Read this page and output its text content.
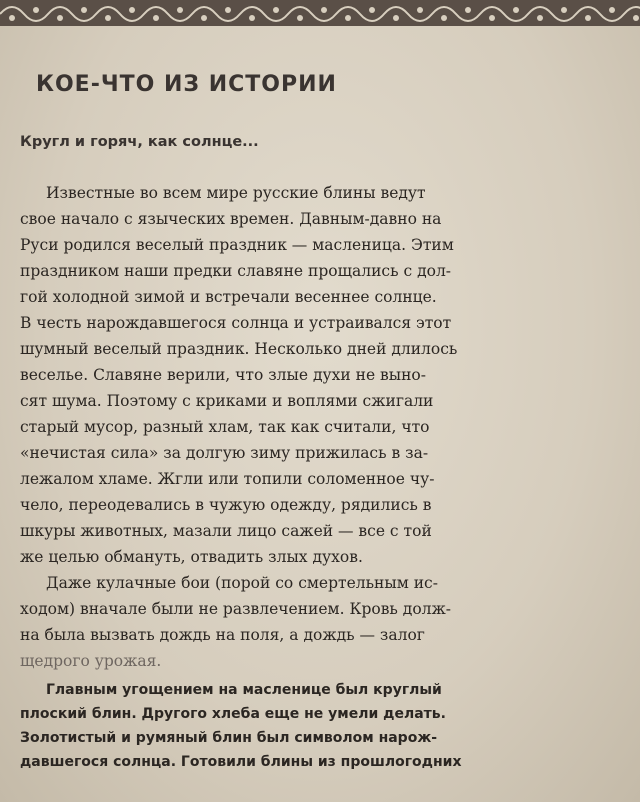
КОЕ-ЧТО ИЗ ИСТОРИИ
Кругл и горяч, как солнце...
Известные во всем мире русские блины ведут
свое начало с языческих времен. Давным-давно на
Руси родился веселый праздник — масленица. Этим
праздником наши предки славяне прощались с дол-
гой холодной зимой и встречали весеннее солнце.
В честь нарождавшегося солнца и устраивался этот
шумный веселый праздник. Несколько дней длилось
веселье. Славяне верили, что злые духи не выно-
сят шума. Поэтому с криками и воплями сжигали
старый мусор, разный хлам, так как считали, что
«нечистая сила» за долгую зиму прижилась в за-
лежалом хламе. Жгли или топили соломенное чу-
чело, переодевались в чужую одежду, рядились в
шкуры животных, мазали лицо сажей — все с той
же целью обмануть, отвадить злых духов.
Даже кулачные бои (порой со смертельным ис-
ходом) вначале были не развлечением. Кровь долж-
на была вызвать дождь на поля, а дождь — залог
щедрого урожая.
Главным угощением на масленице был круглый
плоский блин. Другого хлеба еще не умели делать.
Золотистый и румяный блин был символом нарож-
давшегося солнца. Готовили блины из прошлогодних
